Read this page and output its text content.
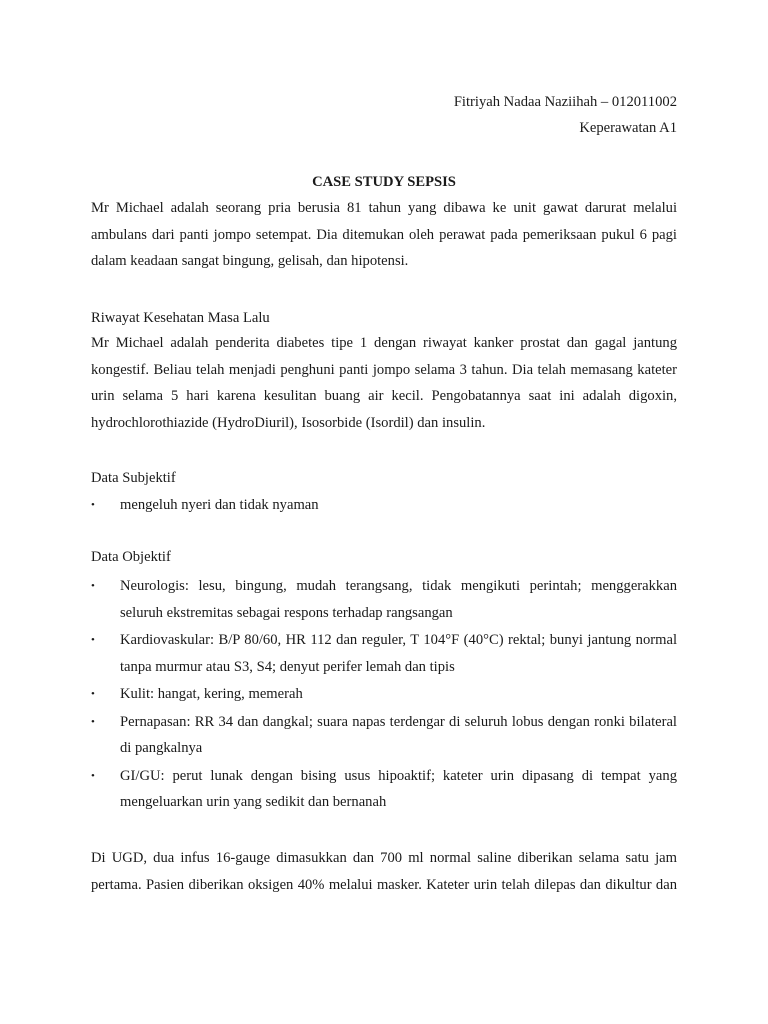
Fitriyah Nadaa Naziihah – 012011002
Keperawatan A1
CASE STUDY SEPSIS
Mr Michael adalah seorang pria berusia 81 tahun yang dibawa ke unit gawat darurat melalui
ambulans dari panti jompo setempat. Dia ditemukan oleh perawat pada pemeriksaan pukul 6 pagi
dalam keadaan sangat bingung, gelisah, dan hipotensi.
Riwayat Kesehatan Masa Lalu
Mr Michael adalah penderita diabetes tipe 1 dengan riwayat kanker prostat dan gagal jantung
kongestif. Beliau telah menjadi penghuni panti jompo selama 3 tahun. Dia telah memasang kateter
urin selama 5 hari karena kesulitan buang air kecil. Pengobatannya saat ini adalah digoxin,
hydrochlorothiazide (HydroDiuril), Isosorbide (Isordil) dan insulin.
Data Subjektif
• mengeluh nyeri dan tidak nyaman
Data Objektif
• Neurologis: lesu, bingung, mudah terangsang, tidak mengikuti perintah; menggerakkan
seluruh ekstremitas sebagai respons terhadap rangsangan
• Kardiovaskular: B/P 80/60, HR 112 dan reguler, T 104°F (40°C) rektal; bunyi jantung normal
tanpa murmur atau S3, S4; denyut perifer lemah dan tipis
• Kulit: hangat, kering, memerah
• Pernapasan: RR 34 dan dangkal; suara napas terdengar di seluruh lobus dengan ronki bilateral
di pangkalnya
• GI/GU: perut lunak dengan bising usus hipoaktif; kateter urin dipasang di tempat yang
mengeluarkan urin yang sedikit dan bernanah
Di UGD, dua infus 16-gauge dimasukkan dan 700 ml normal saline diberikan selama satu jam
pertama. Pasien diberikan oksigen 40% melalui masker. Kateter urin telah dilepas dan dikultur dan
